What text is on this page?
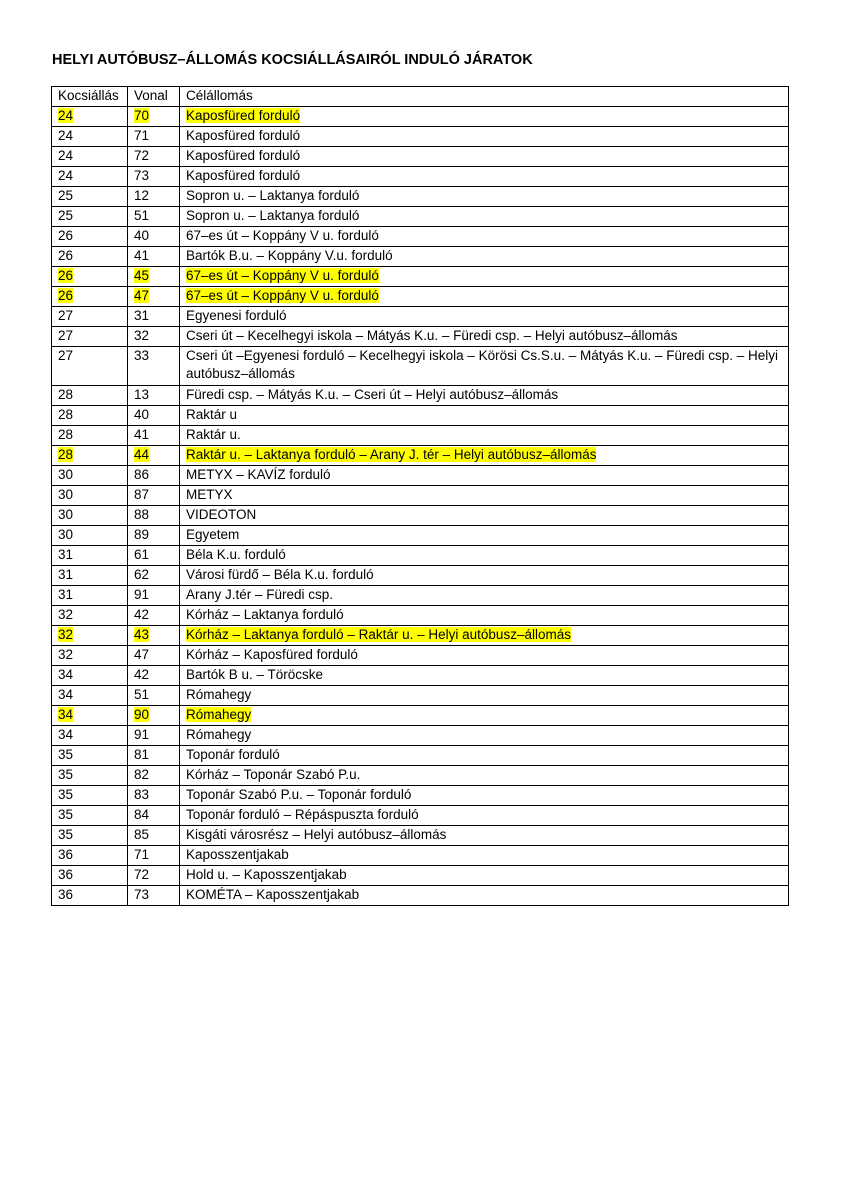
HELYI AUTÓBUSZ–ÁLLOMÁS KOCSIÁLLÁSAIRÓL INDULÓ JÁRATOK
Kocsiállás	Vonal	Célállomás
24	70	Kaposfüred forduló
24	71	Kaposfüred forduló
24	72	Kaposfüred forduló
24	73	Kaposfüred forduló
25	12	Sopron u. – Laktanya forduló
25	51	Sopron u. – Laktanya forduló
26	40	67–es út – Koppány V u. forduló
26	41	Bartók B.u. – Koppány V.u. forduló
26	45	67–es út – Koppány V u. forduló
26	47	67–es út – Koppány V u. forduló
27	31	Egyenesi forduló
27	32	Cseri út – Kecelhegyi iskola – Mátyás K.u. – Füredi csp. – Helyi autóbusz–állomás
27	33	Cseri út –Egyenesi forduló – Kecelhegyi iskola – Körösi Cs.S.u. – Mátyás K.u. – Füredi csp. – Helyi autóbusz–állomás
28	13	Füredi csp. – Mátyás K.u. – Cseri út – Helyi autóbusz–állomás
28	40	Raktár u
28	41	Raktár u.
28	44	Raktár u. – Laktanya forduló – Arany J. tér – Helyi autóbusz–állomás
30	86	METYX – KAVÍZ forduló
30	87	METYX
30	88	VIDEOTON
30	89	Egyetem
31	61	Béla K.u. forduló
31	62	Városi fürdő – Béla K.u. forduló
31	91	Arany J.tér – Füredi csp.
32	42	Kórház – Laktanya forduló
32	43	Kórház – Laktanya forduló – Raktár u. – Helyi autóbusz–állomás
32	47	Kórház – Kaposfüred forduló
34	42	Bartók B u. – Töröcske
34	51	Rómahegy
34	90	Rómahegy
34	91	Rómahegy
35	81	Toponár forduló
35	82	Kórház – Toponár Szabó P.u.
35	83	Toponár Szabó P.u. – Toponár forduló
35	84	Toponár forduló – Répáspuszta forduló
35	85	Kisgáti városrész – Helyi autóbusz–állomás
36	71	Kaposszentjakab
36	72	Hold u. – Kaposszentjakab
36	73	KOMÉTA – Kaposszentjakab
